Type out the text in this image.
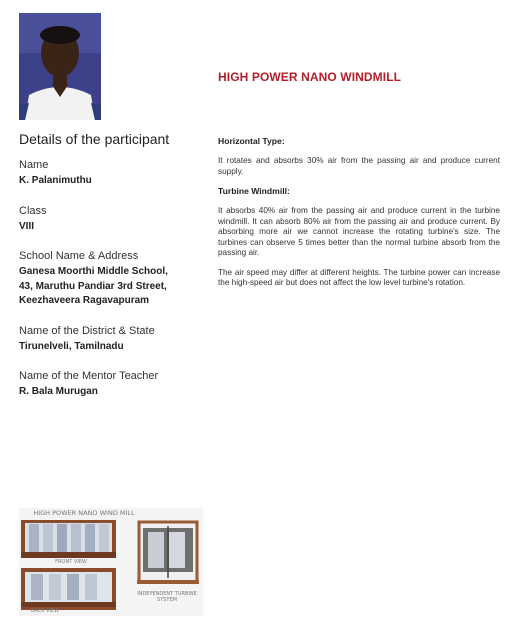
HIGH POWER NANO WINDMILL
Details of the participant
Name
K. Palanimuthu
Class
VIII
School Name & Address
Ganesa Moorthi Middle School,
43, Maruthu Pandiar 3rd Street,
Keezhaveera Ragavapuram
Name of the District & State
Tirunelveli, Tamilnadu
Name of the Mentor Teacher
R. Bala Murugan
Horizontal Type:

It rotates and absorbs 30% air from the passing air and produce current supply.

Turbine Windmill:

It absorbs 40% air from the passing air and produce current in the turbine windmill. It can absorb 80% air from the passing air and produce current. By absorbing more air we cannot increase the rotating turbine's size. The turbines can observe 5 times better than the normal turbine absorb from the passing air.

The air speed may differ at different heights. The turbine power can increase the high-speed air but does not affect the low level turbine's rotation.

HIGH POWER NANO WIND MILL
FRONT VIEW
BACK VIEW
INDEPENDENT TURBINE SYSTEM
